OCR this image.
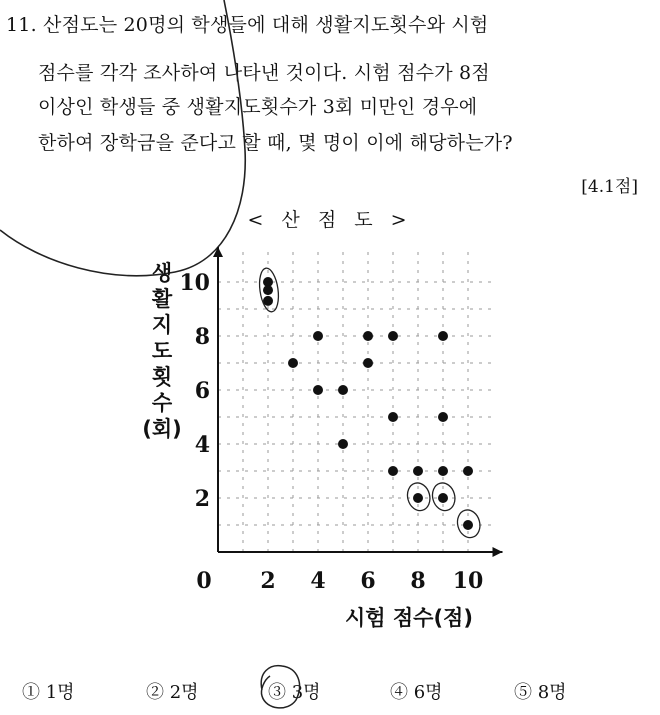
11. 산점도는 20명의 학생들에 대해 생활지도횟수와 시험
점수를 각각 조사하여 나타낸 것이다. 시험 점수가 8점
이상인 학생들 중 생활지도횟수가 3회 미만인 경우에
한하여 장학금을 준다고 할 때, 몇 명이 이에 해당하는가?
[4.1점]
< 산 점 도 >
생
활
지
도
횟
수
(회)
0 2 4 6 8 10
2
4
6
8
10
시험 점수(점)
① 1명	② 2명	③ 3명	④ 6명	⑤ 8명
